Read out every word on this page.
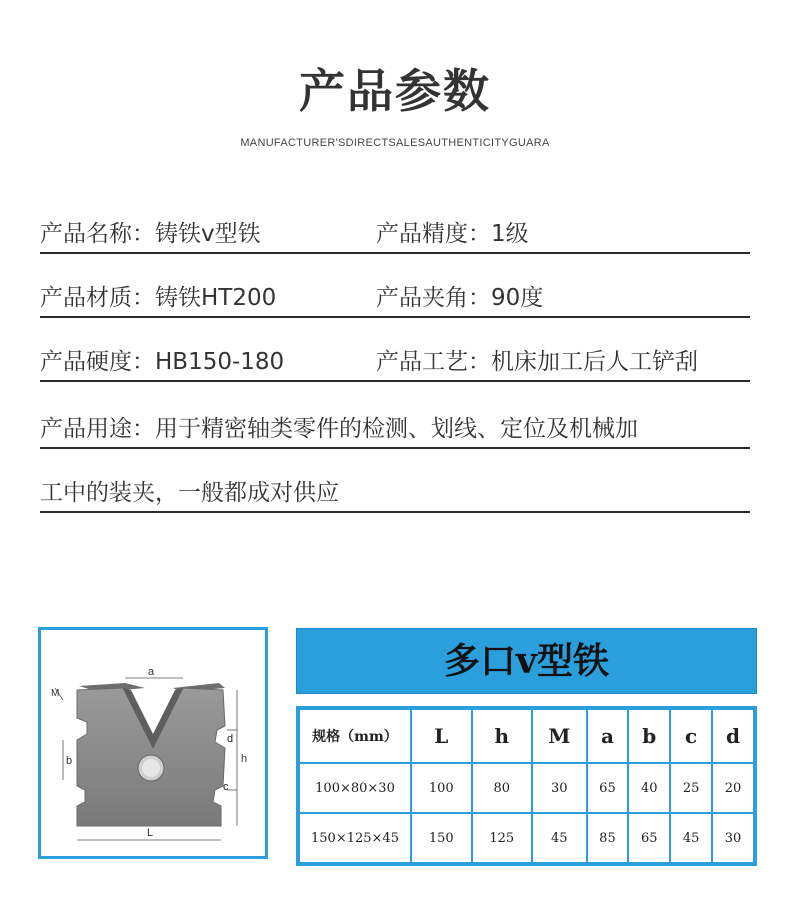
产品参数
MANUFACTURER'SDIRECTSALESAUTHENTICITYGUARA
产品名称：铸铁v型铁	产品精度：1级
产品材质：铸铁HT200	产品夹角：90度
产品硬度：HB150-180	产品工艺：机床加工后人工铲刮
产品用途：用于精密轴类零件的检测、划线、定位及机械加
工中的装夹，一般都成对供应
a
M
b
d
h
c
L
多口v型铁
规格（mm）	L	h	M	a	b	c	d
100×80×30	100	80	30	65	40	25	20
150×125×45	150	125	45	85	65	45	30
